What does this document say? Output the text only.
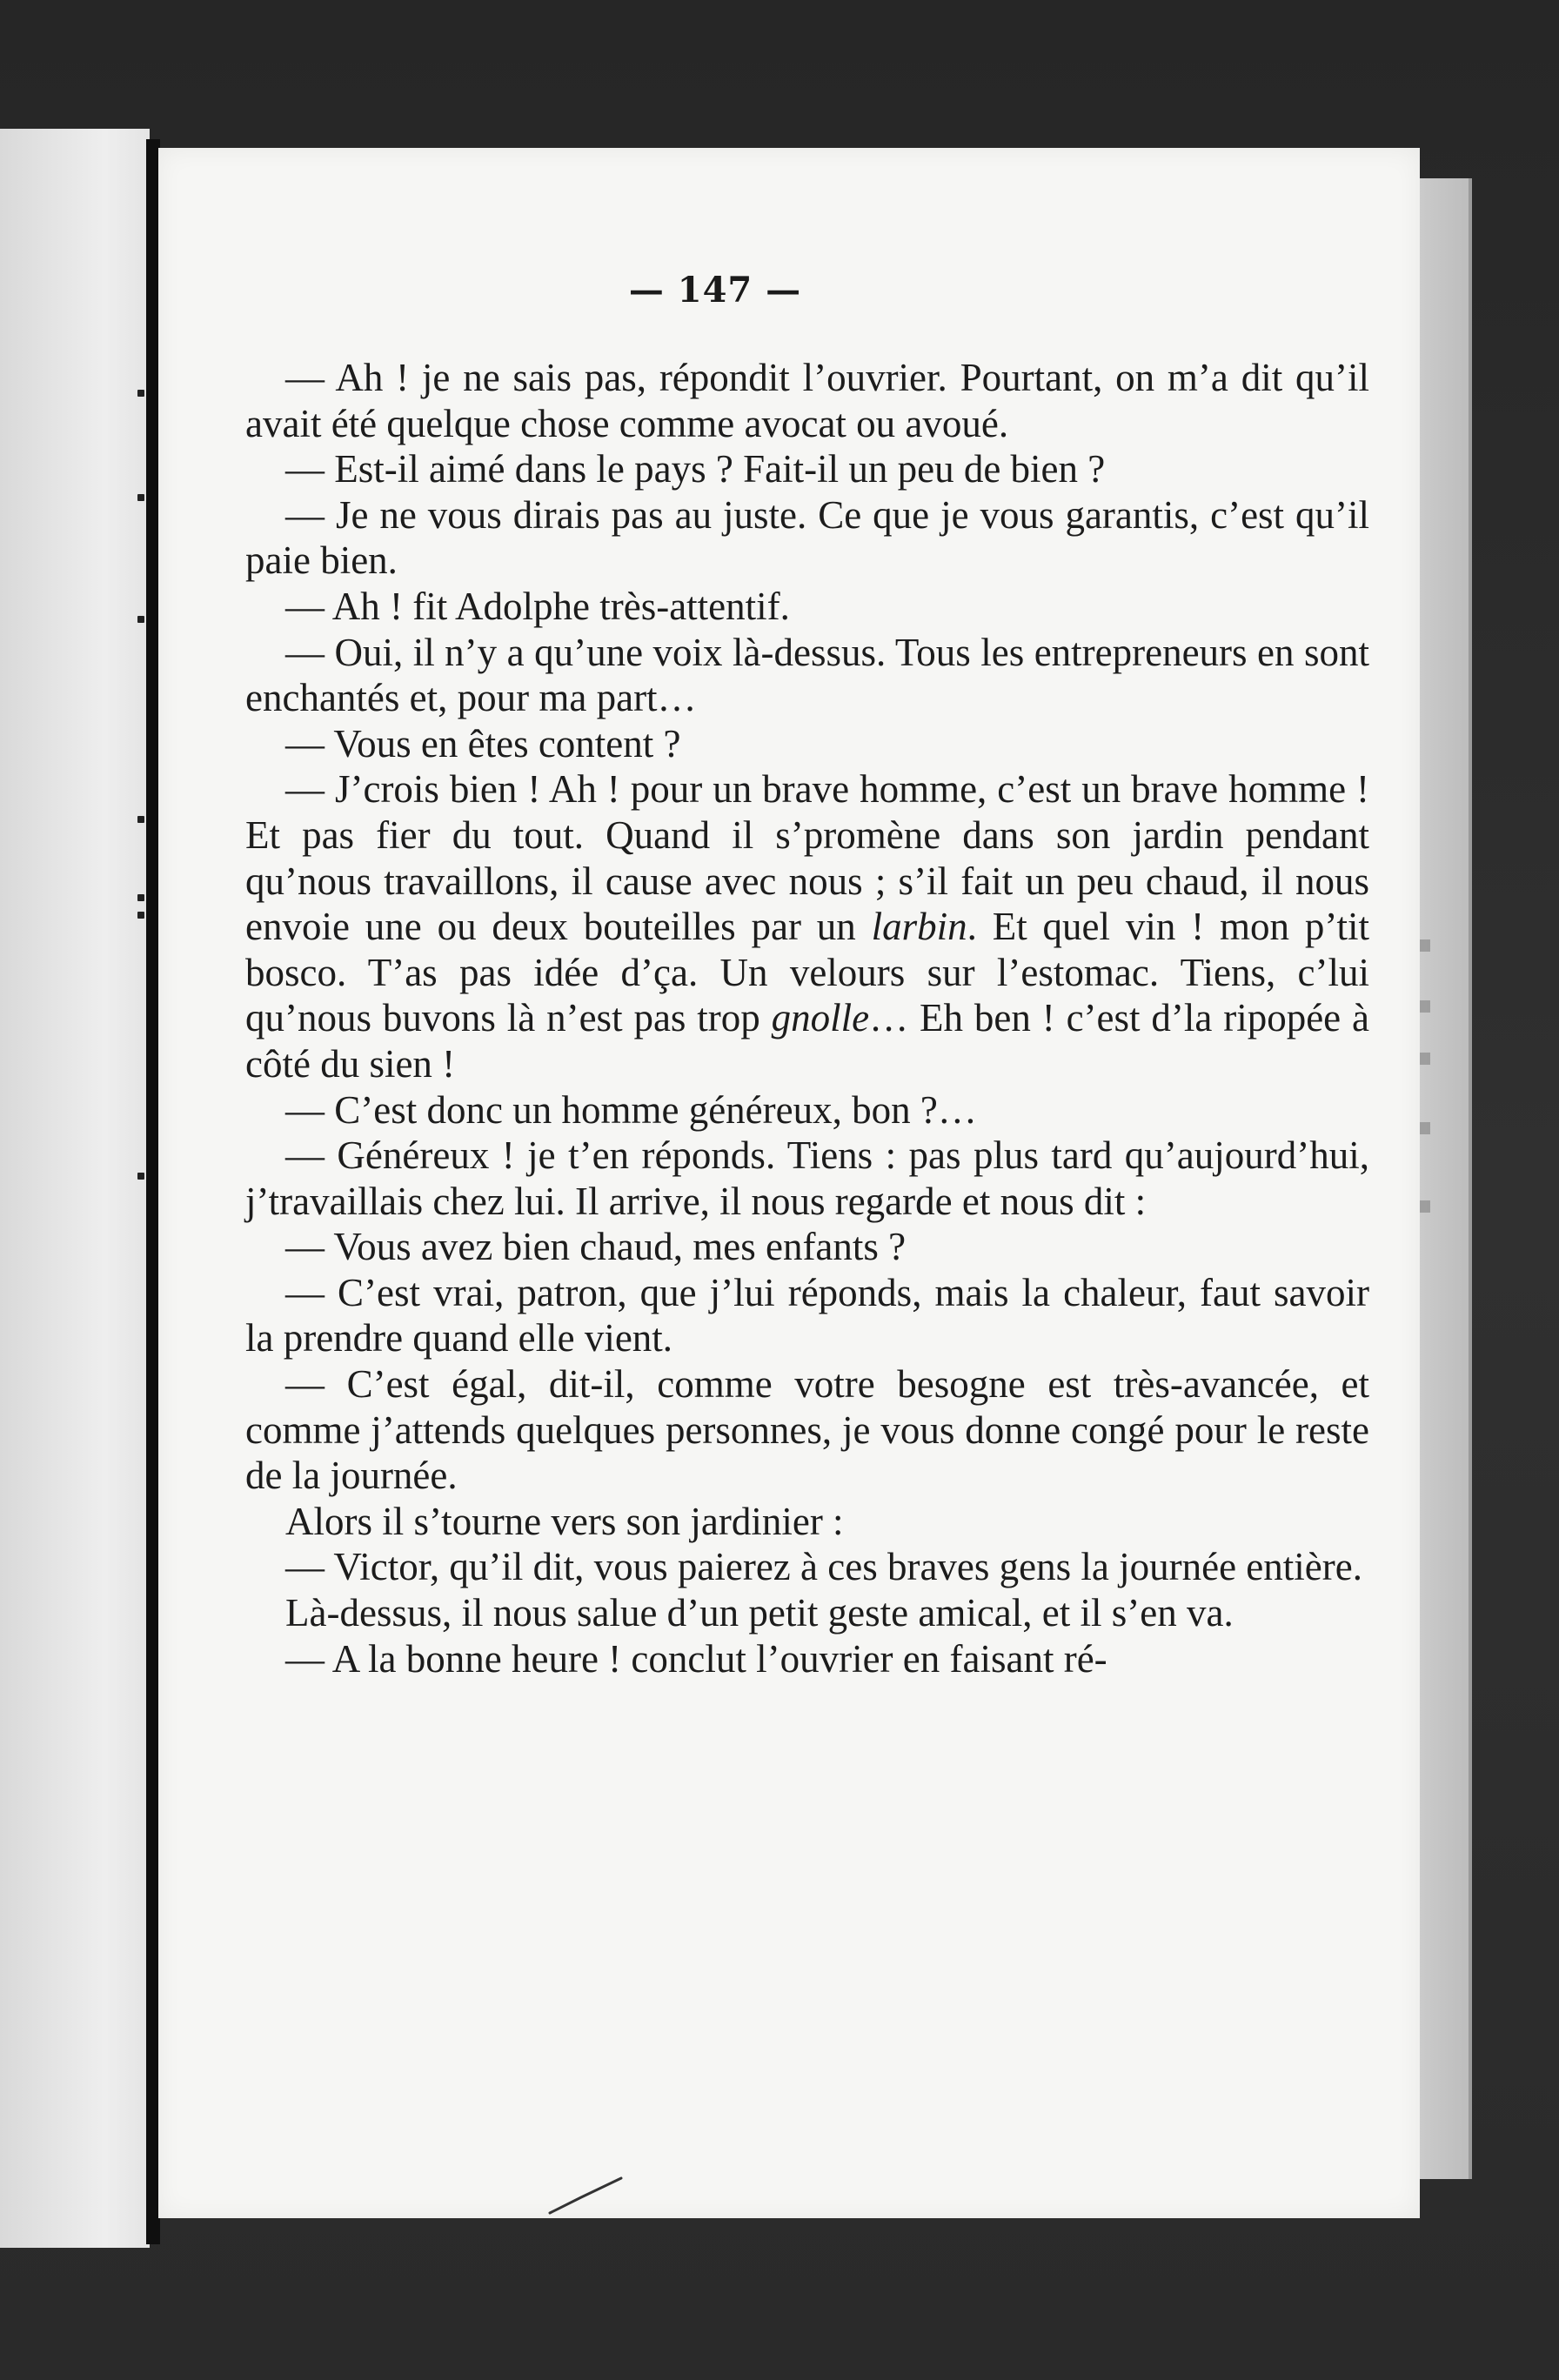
— 147 —

— Ah ! je ne sais pas, répondit l’ouvrier. Pourtant, on m’a dit qu’il avait été quelque chose comme avocat ou avoué.

— Est-il aimé dans le pays ? Fait-il un peu de bien ?

— Je ne vous dirais pas au juste. Ce que je vous garantis, c’est qu’il paie bien.

— Ah ! fit Adolphe très-attentif.

— Oui, il n’y a qu’une voix là-dessus. Tous les entrepreneurs en sont enchantés et, pour ma part…

— Vous en êtes content ?

— J’crois bien ! Ah ! pour un brave homme, c’est un brave homme ! Et pas fier du tout. Quand il s’promène dans son jardin pendant qu’nous travaillons, il cause avec nous ; s’il fait un peu chaud, il nous envoie une ou deux bouteilles par un larbin. Et quel vin ! mon p’tit bosco. T’as pas idée d’ça. Un velours sur l’estomac. Tiens, c’lui qu’nous buvons là n’est pas trop gnolle… Eh ben ! c’est d’la ripopée à côté du sien !

— C’est donc un homme généreux, bon ?…

— Généreux ! je t’en réponds. Tiens : pas plus tard qu’aujourd’hui, j’travaillais chez lui. Il arrive, il nous regarde et nous dit :

— Vous avez bien chaud, mes enfants ?

— C’est vrai, patron, que j’lui réponds, mais la chaleur, faut savoir la prendre quand elle vient.

— C’est égal, dit-il, comme votre besogne est très-avancée, et comme j’attends quelques personnes, je vous donne congé pour le reste de la journée.

Alors il s’tourne vers son jardinier :

— Victor, qu’il dit, vous paierez à ces braves gens la journée entière.

Là-dessus, il nous salue d’un petit geste amical, et il s’en va.

— A la bonne heure ! conclut l’ouvrier en faisant ré-
